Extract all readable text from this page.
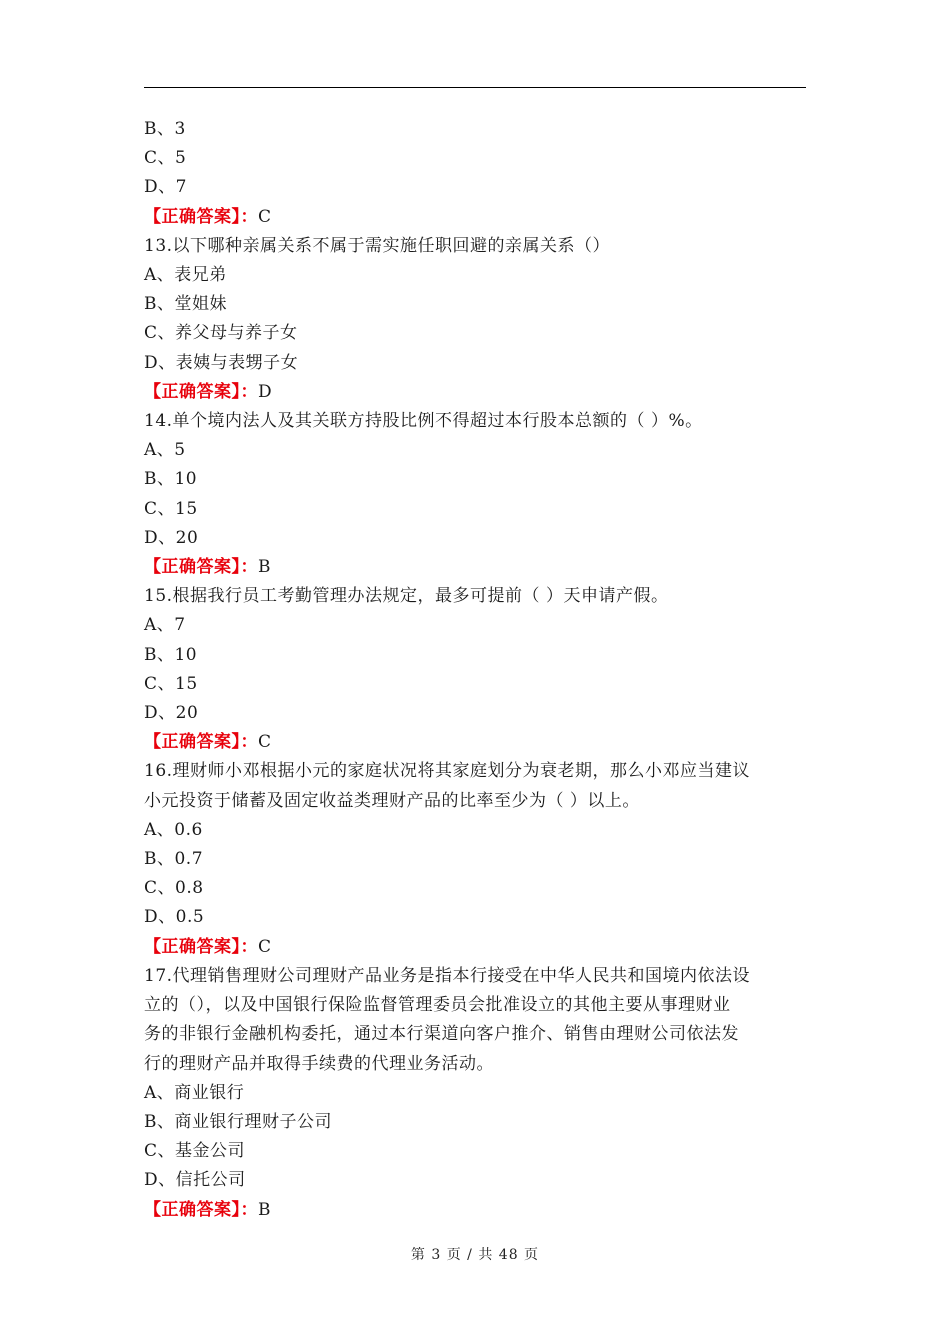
B、3
C、5
D、7
【正确答案】：C
13.以下哪种亲属关系不属于需实施任职回避的亲属关系（）
A、表兄弟
B、堂姐妹
C、养父母与养子女
D、表姨与表甥子女
【正确答案】：D
14.单个境内法人及其关联方持股比例不得超过本行股本总额的（ ）%。
A、5
B、10
C、15
D、20
【正确答案】：B
15.根据我行员工考勤管理办法规定，最多可提前（ ）天申请产假。
A、7
B、10
C、15
D、20
【正确答案】：C
16.理财师小邓根据小元的家庭状况将其家庭划分为衰老期，那么小邓应当建议
小元投资于储蓄及固定收益类理财产品的比率至少为（ ）以上。
A、0.6
B、0.7
C、0.8
D、0.5
【正确答案】：C
17.代理销售理财公司理财产品业务是指本行接受在中华人民共和国境内依法设
立的（），以及中国银行保险监督管理委员会批准设立的其他主要从事理财业
务的非银行金融机构委托，通过本行渠道向客户推介、销售由理财公司依法发
行的理财产品并取得手续费的代理业务活动。
A、商业银行
B、商业银行理财子公司
C、基金公司
D、信托公司
【正确答案】：B
第 3 页 / 共 48 页
